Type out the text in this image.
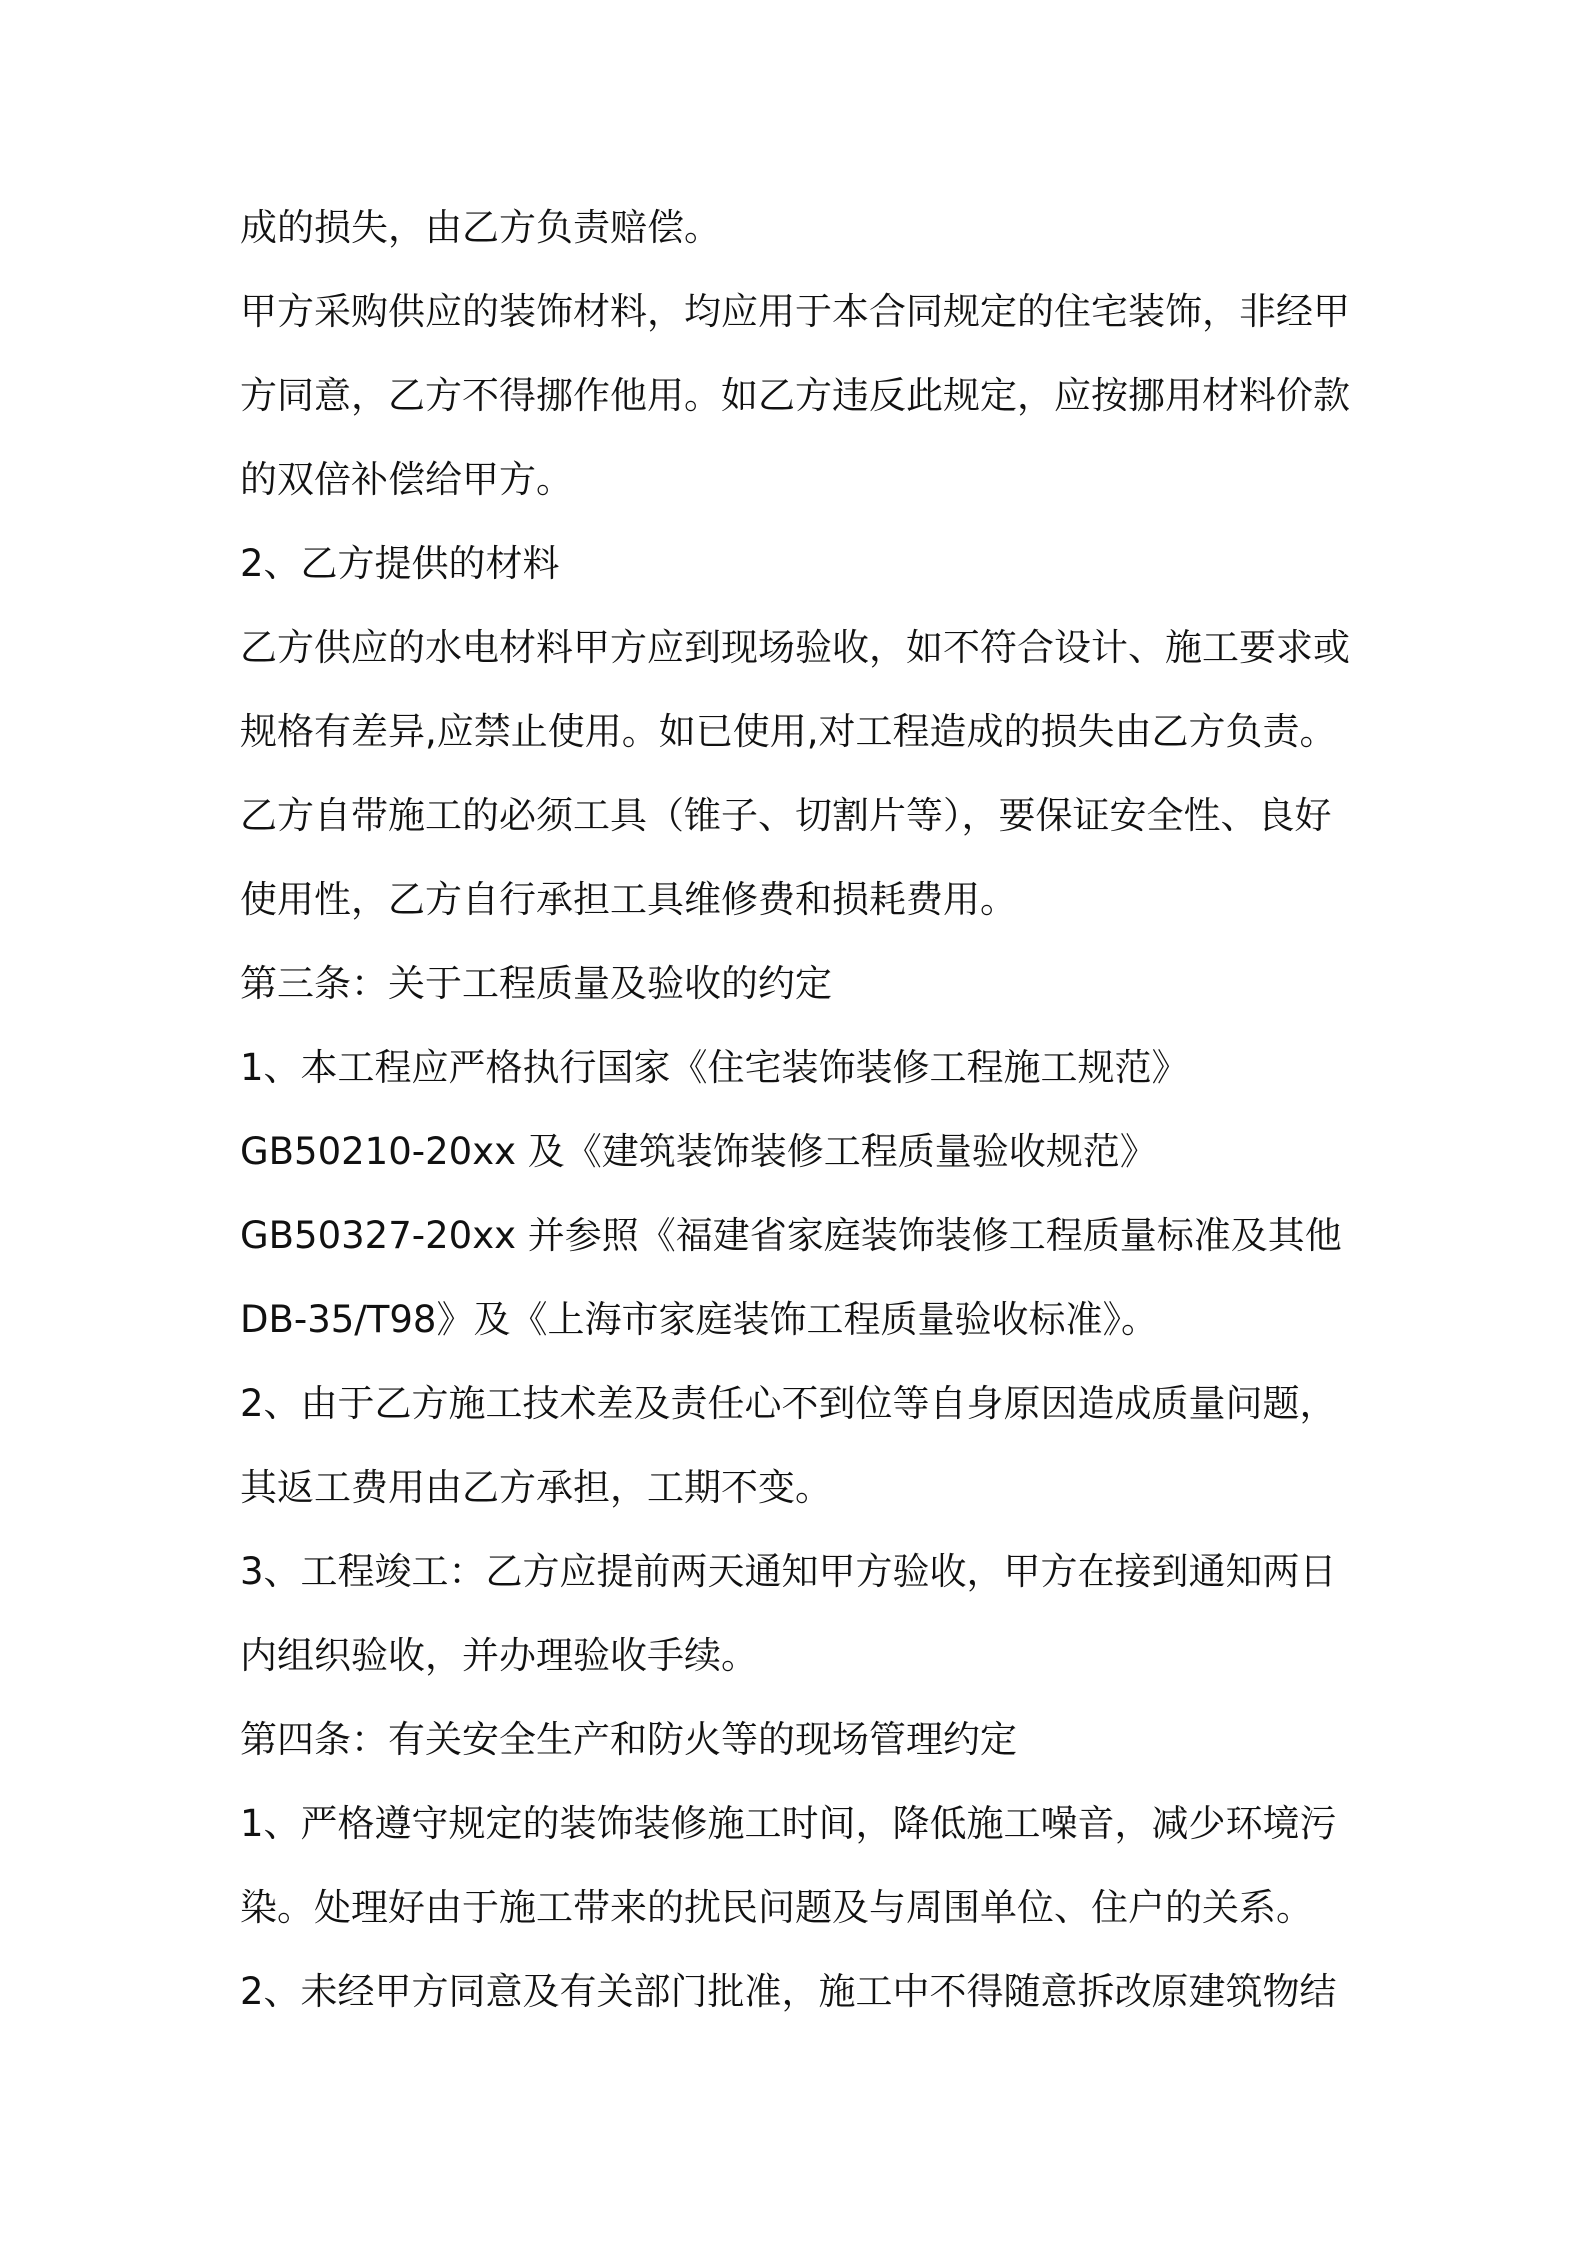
成的损失，由乙方负责赔偿。

甲方采购供应的装饰材料，均应用于本合同规定的住宅装饰，非经甲

方同意，乙方不得挪作他用。如乙方违反此规定，应按挪用材料价款

的双倍补偿给甲方。

2、乙方提供的材料

乙方供应的水电材料甲方应到现场验收，如不符合设计、施工要求或

规格有差异,应禁止使用。如已使用,对工程造成的损失由乙方负责。

乙方自带施工的必须工具（锥子、切割片等），要保证安全性、良好

使用性，乙方自行承担工具维修费和损耗费用。

第三条：关于工程质量及验收的约定

1、本工程应严格执行国家《住宅装饰装修工程施工规范》

GB50210-20xx 及《建筑装饰装修工程质量验收规范》

GB50327-20xx 并参照《福建省家庭装饰装修工程质量标准及其他

DB-35/T98》及《上海市家庭装饰工程质量验收标准》。

2、由于乙方施工技术差及责任心不到位等自身原因造成质量问题，

其返工费用由乙方承担，工期不变。

3、工程竣工：乙方应提前两天通知甲方验收，甲方在接到通知两日

内组织验收，并办理验收手续。

第四条：有关安全生产和防火等的现场管理约定

1、严格遵守规定的装饰装修施工时间，降低施工噪音，减少环境污

染。处理好由于施工带来的扰民问题及与周围单位、住户的关系。

2、未经甲方同意及有关部门批准，施工中不得随意拆改原建筑物结
